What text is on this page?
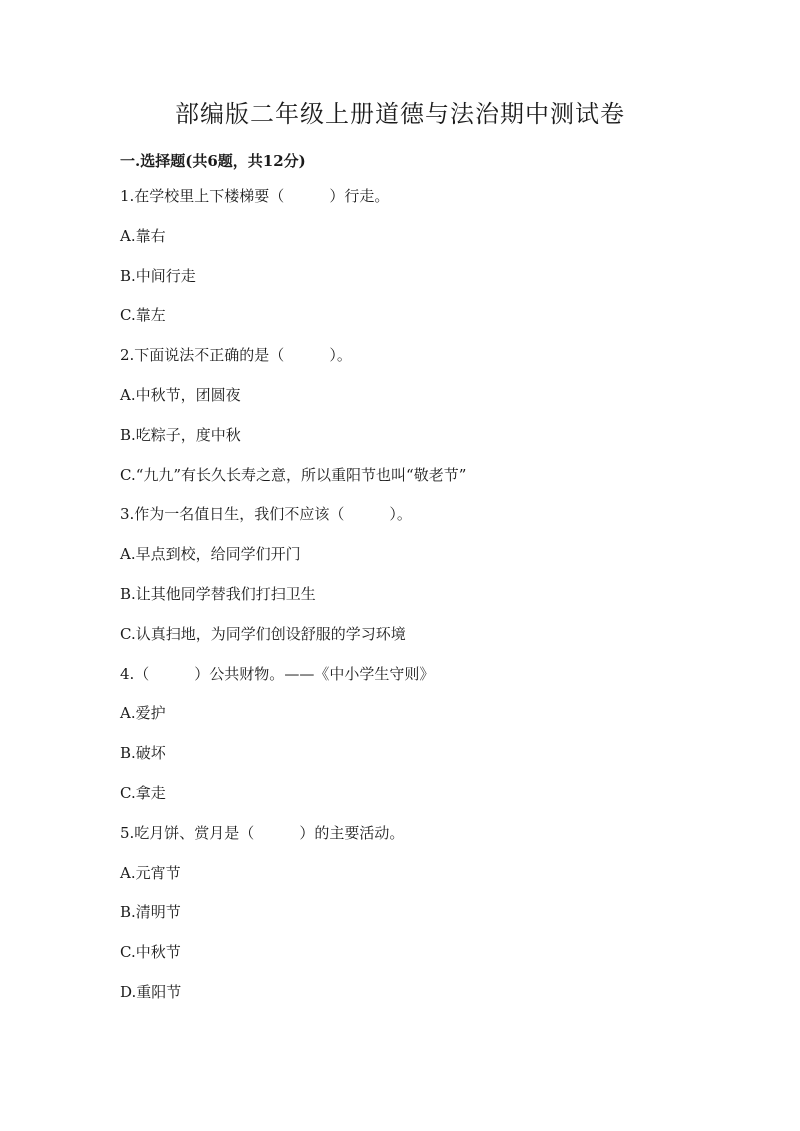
部编版二年级上册道德与法治期中测试卷
一.选择题(共6题，共12分)
1.在学校里上下楼梯要（　　　）行走。
A.靠右
B.中间行走
C.靠左
2.下面说法不正确的是（　　　）。
A.中秋节，团圆夜
B.吃粽子，度中秋
C.“九九”有长久长寿之意，所以重阳节也叫“敬老节”
3.作为一名值日生，我们不应该（　　　）。
A.早点到校，给同学们开门
B.让其他同学替我们打扫卫生
C.认真扫地，为同学们创设舒服的学习环境
4.（　　　）公共财物。——《中小学生守则》
A.爱护
B.破坏
C.拿走
5.吃月饼、赏月是（　　　）的主要活动。
A.元宵节
B.清明节
C.中秋节
D.重阳节
